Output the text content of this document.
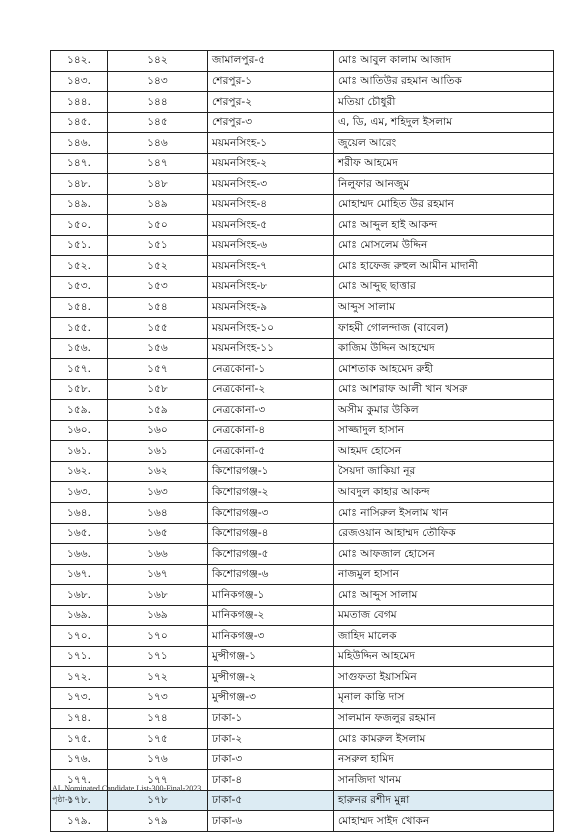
১৪২.	১৪২	জামালপুর-৫	মোঃ আবুল কালাম আজাদ
১৪৩.	১৪৩	শেরপুর-১	মোঃ আতিউর রহমান আতিক
১৪৪.	১৪৪	শেরপুর-২	মতিয়া চৌধুরী
১৪৫.	১৪৫	শেরপুর-৩	এ, ডি, এম, শহিদুল ইসলাম
১৪৬.	১৪৬	ময়মনসিংহ-১	জুয়েল আরেং
১৪৭.	১৪৭	ময়মনসিংহ-২	শরীফ আহমেদ
১৪৮.	১৪৮	ময়মনসিংহ-৩	নিলুফার আনজুম
১৪৯.	১৪৯	ময়মনসিংহ-৪	মোহাম্মদ মোহিত উর রহমান
১৫০.	১৫০	ময়মনসিংহ-৫	মোঃ আব্দুল হাই আকন্দ
১৫১.	১৫১	ময়মনসিংহ-৬	মোঃ মোসলেম উদ্দিন
১৫২.	১৫২	ময়মনসিংহ-৭	মোঃ হাফেজ রুহুল আমীন মাদানী
১৫৩.	১৫৩	ময়মনসিংহ-৮	মোঃ আব্দুছ ছাত্তার
১৫৪.	১৫৪	ময়মনসিংহ-৯	আব্দুস সালাম
১৫৫.	১৫৫	ময়মনসিংহ-১০	ফাহমী গোলন্দাজ (বাবেল)
১৫৬.	১৫৬	ময়মনসিংহ-১১	কাজিম উদ্দিন আহম্মেদ
১৫৭.	১৫৭	নেত্রকোনা-১	মোশতাক আহমেদ রুহী
১৫৮.	১৫৮	নেত্রকোনা-২	মোঃ আশরাফ আলী খান খসরু
১৫৯.	১৫৯	নেত্রকোনা-৩	অসীম কুমার উকিল
১৬০.	১৬০	নেত্রকোনা-৪	সাজ্জাদুল হাসান
১৬১.	১৬১	নেত্রকোনা-৫	আহমদ হোসেন
১৬২.	১৬২	কিশোরগঞ্জ-১	সৈয়দা জাকিয়া নূর
১৬৩.	১৬৩	কিশোরগঞ্জ-২	আবদুল কাহার আকন্দ
১৬৪.	১৬৪	কিশোরগঞ্জ-৩	মোঃ নাসিরুল ইসলাম খান
১৬৫.	১৬৫	কিশোরগঞ্জ-৪	রেজওয়ান আহাম্মদ তৌফিক
১৬৬.	১৬৬	কিশোরগঞ্জ-৫	মোঃ আফজাল হোসেন
১৬৭.	১৬৭	কিশোরগঞ্জ-৬	নাজমুল হাসান
১৬৮.	১৬৮	মানিকগঞ্জ-১	মোঃ আব্দুস সালাম
১৬৯.	১৬৯	মানিকগঞ্জ-২	মমতাজ বেগম
১৭০.	১৭০	মানিকগঞ্জ-৩	জাহিদ মালেক
১৭১.	১৭১	মুন্সীগঞ্জ-১	মহিউদ্দিন আহমেদ
১৭২.	১৭২	মুন্সীগঞ্জ-২	সাগুফতা ইয়াসমিন
১৭৩.	১৭৩	মুন্সীগঞ্জ-৩	মৃনাল কান্তি দাস
১৭৪.	১৭৪	ঢাকা-১	সালমান ফজলুর রহমান
১৭৫.	১৭৫	ঢাকা-২	মোঃ কামরুল ইসলাম
১৭৬.	১৭৬	ঢাকা-৩	নসরুল হামিদ
১৭৭.	১৭৭	ঢাকা-৪	সানজিদা খানম
১৭৮.	১৭৮	ঢাকা-৫	হারুনর রশীদ মুন্না
১৭৯.	১৭৯	ঢাকা-৬	মোহাম্মদ সাইদ খোকন
AL Nominated Candidate List-300-Final-2023
পৃষ্ঠা-৫
